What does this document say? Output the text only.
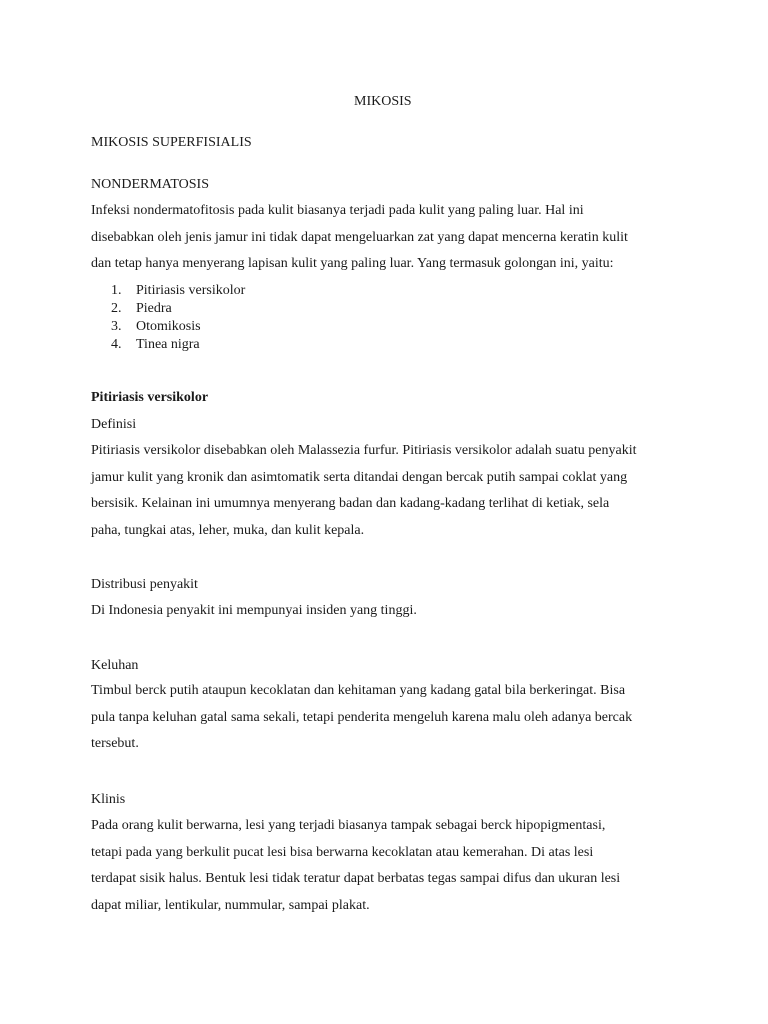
MIKOSIS
MIKOSIS SUPERFISIALIS
NONDERMATOSIS
Infeksi nondermatofitosis pada kulit biasanya terjadi pada kulit yang paling luar. Hal ini
disebabkan oleh jenis jamur ini tidak dapat mengeluarkan zat yang dapat mencerna keratin kulit
dan tetap hanya menyerang lapisan kulit yang paling luar. Yang termasuk golongan ini, yaitu:
1. Pitiriasis versikolor
2. Piedra
3. Otomikosis
4. Tinea nigra
Pitiriasis versikolor
Definisi
Pitiriasis versikolor disebabkan oleh Malassezia furfur. Pitiriasis versikolor adalah suatu penyakit
jamur kulit yang kronik dan asimtomatik serta ditandai dengan bercak putih sampai coklat yang
bersisik. Kelainan ini umumnya menyerang badan dan kadang-kadang terlihat di ketiak, sela
paha, tungkai atas, leher, muka, dan kulit kepala.
Distribusi penyakit
Di Indonesia penyakit ini mempunyai insiden yang tinggi.
Keluhan
Timbul berck putih ataupun kecoklatan dan kehitaman yang kadang gatal bila berkeringat. Bisa
pula tanpa keluhan gatal sama sekali, tetapi penderita mengeluh karena malu oleh adanya bercak
tersebut.
Klinis
Pada orang kulit berwarna, lesi yang terjadi biasanya tampak sebagai berck hipopigmentasi,
tetapi pada yang berkulit pucat lesi bisa berwarna kecoklatan atau kemerahan. Di atas lesi
terdapat sisik halus. Bentuk lesi tidak teratur dapat berbatas tegas sampai difus dan ukuran lesi
dapat miliar, lentikular, nummular, sampai plakat.
